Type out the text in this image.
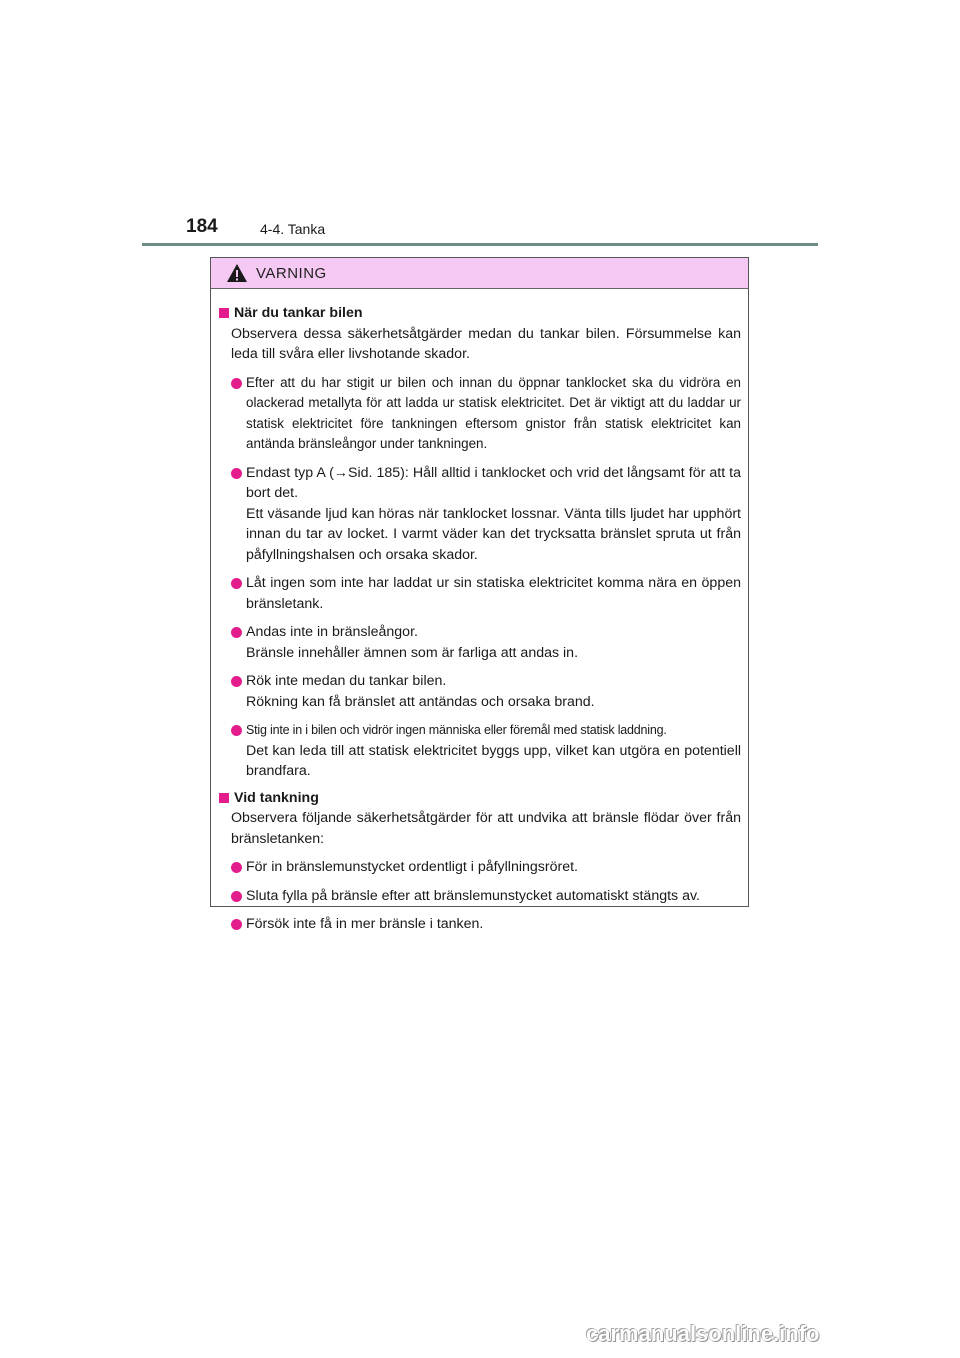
184	4-4. Tanka
VARNING
När du tankar bilen
Observera dessa säkerhetsåtgärder medan du tankar bilen. Försummelse kan leda till svåra eller livshotande skador.
Efter att du har stigit ur bilen och innan du öppnar tanklocket ska du vidröra en olackerad metallyta för att ladda ur statisk elektricitet. Det är viktigt att du laddar ur statisk elektricitet före tankningen eftersom gnistor från statisk elektricitet kan antända bränsleångor under tankningen.
Endast typ A (→Sid. 185): Håll alltid i tanklocket och vrid det långsamt för att ta bort det.
Ett väsande ljud kan höras när tanklocket lossnar. Vänta tills ljudet har upphört innan du tar av locket. I varmt väder kan det trycksatta bränslet spruta ut från påfyllningshalsen och orsaka skador.
Låt ingen som inte har laddat ur sin statiska elektricitet komma nära en öppen bränsletank.
Andas inte in bränsleångor.
Bränsle innehåller ämnen som är farliga att andas in.
Rök inte medan du tankar bilen.
Rökning kan få bränslet att antändas och orsaka brand.
Stig inte in i bilen och vidrör ingen människa eller föremål med statisk laddning.
Det kan leda till att statisk elektricitet byggs upp, vilket kan utgöra en potentiell brandfara.
Vid tankning
Observera följande säkerhetsåtgärder för att undvika att bränsle flödar över från bränsletanken:
För in bränslemunstycket ordentligt i påfyllningsröret.
Sluta fylla på bränsle efter att bränslemunstycket automatiskt stängts av.
Försök inte få in mer bränsle i tanken.
carmanualsonline.info
